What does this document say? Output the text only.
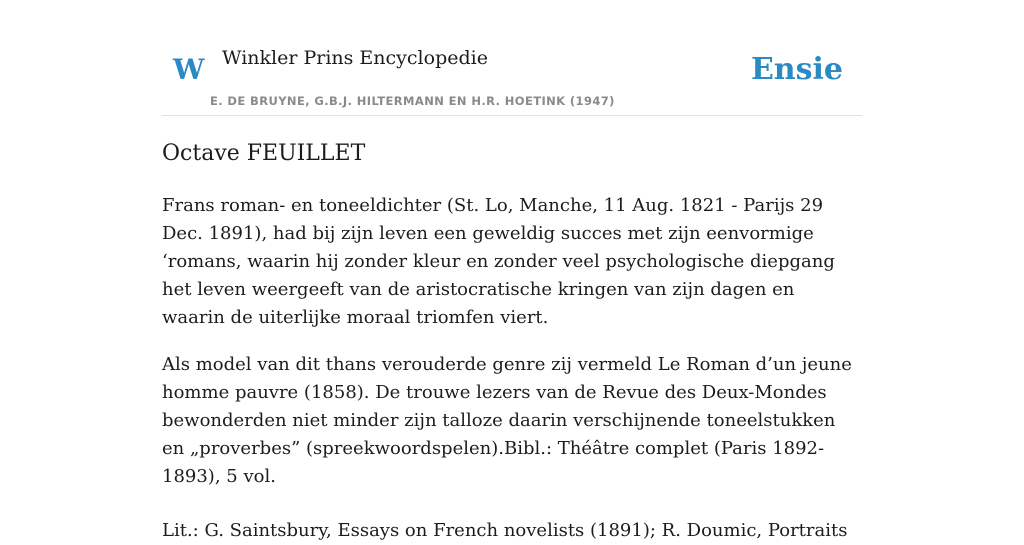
W Winkler Prins Encyclopedie
E. DE BRUYNE, G.B.J. HILTERMANN EN H.R. HOETINK (1947)
Ensie
Octave FEUILLET

Frans roman- en toneeldichter (St. Lo, Manche, 11 Aug. 1821 - Parijs 29 Dec. 1891), had bij zijn leven een geweldig succes met zijn eenvormige ‘romans, waarin hij zonder kleur en zonder veel psychologische diepgang het leven weergeeft van de aristocratische kringen van zijn dagen en waarin de uiterlijke moraal triomfen viert.

Als model van dit thans verouderde genre zij vermeld Le Roman d’un jeune homme pauvre (1858). De trouwe lezers van de Revue des Deux-Mondes bewonderden niet minder zijn talloze daarin verschijnende toneelstukken en „proverbes” (spreekwoordspelen).Bibl.: Théâtre complet (Paris 1892-1893), 5 vol.

Lit.: G. Saintsbury, Essays on French novelists (1891); R. Doumic, Portraits
